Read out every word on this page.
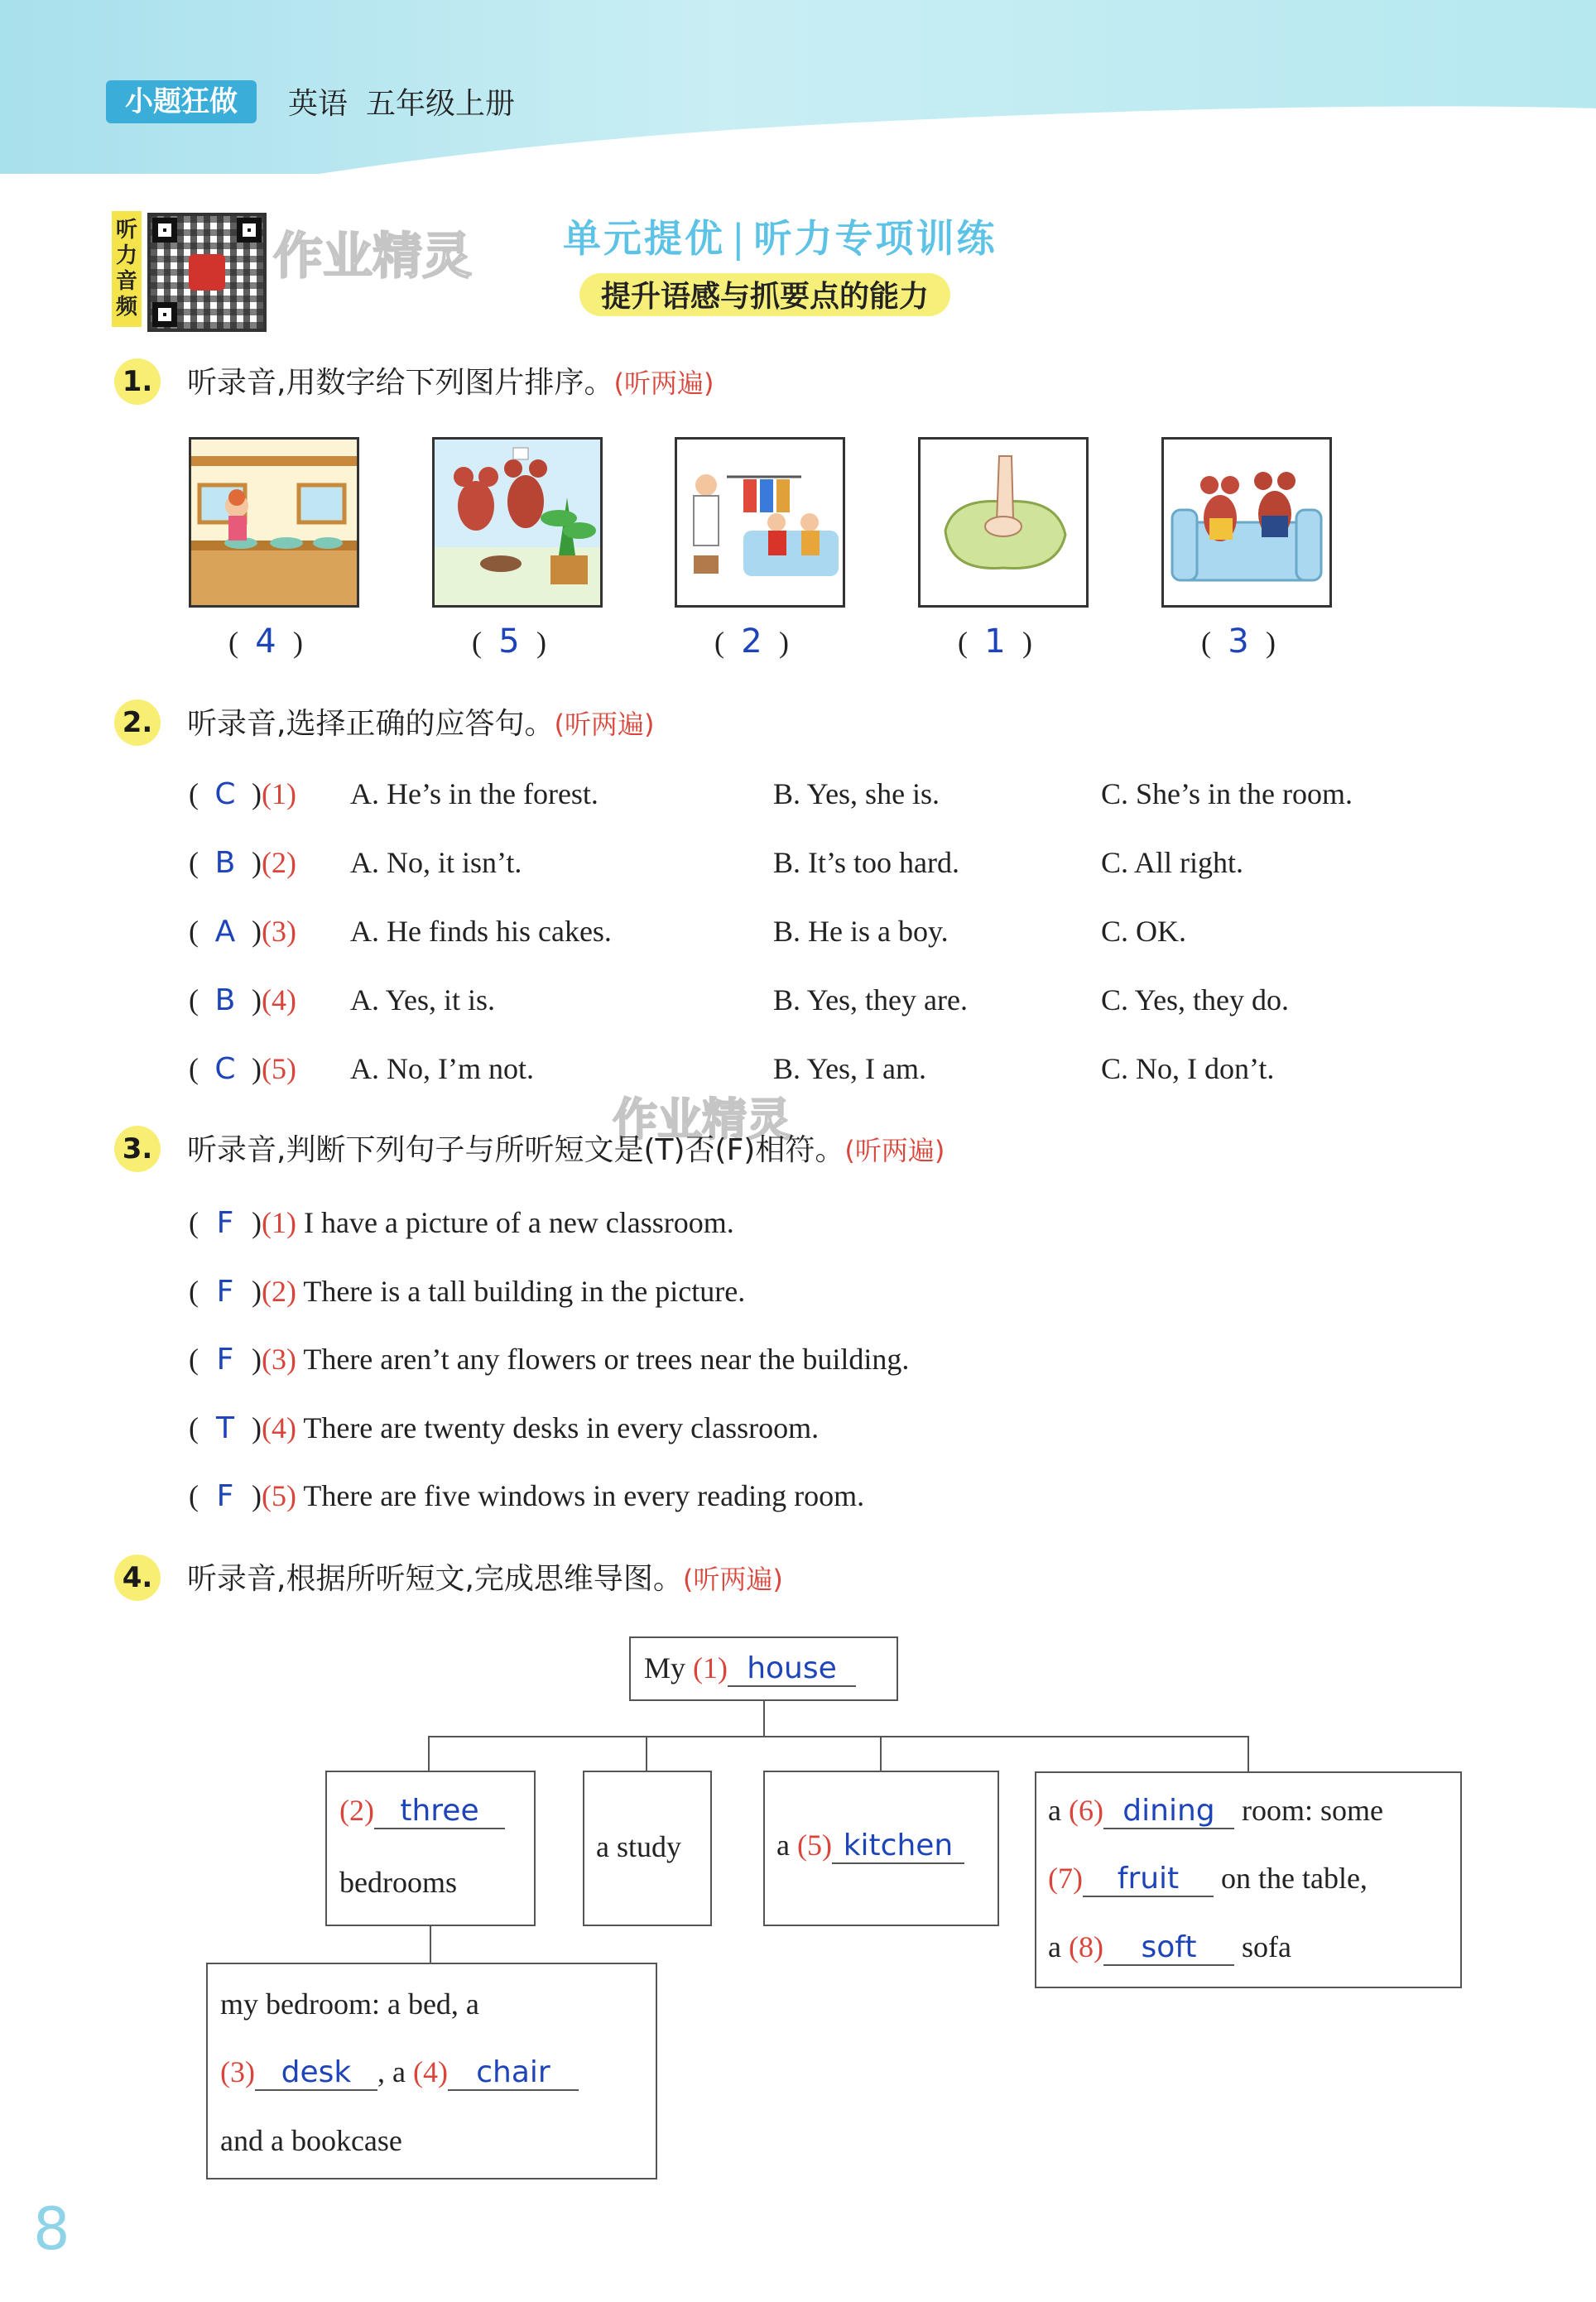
小题狂做	英语 五年级上册
听
力
音
频
作业精灵 单元提优 | 听力专项训练
提升语感与抓要点的能力
1. 听录音,用数字给下列图片排序。(听两遍)
( 4 )	( 5 )	( 2 )	( 1 )	( 3 )
2. 听录音,选择正确的应答句。(听两遍)
( C )(1) A. He’s in the forest.	B. Yes, she is.	C. She’s in the room.
( B )(2) A. No, it isn’t.	B. It’s too hard.	C. All right.
( A )(3) A. He finds his cakes.	B. He is a boy.	C. OK.
( B )(4) A. Yes, it is.	B. Yes, they are.	C. Yes, they do.
( C )(5) A. No, I’m not.	B. Yes, I am.	C. No, I don’t.
作业精灵
3. 听录音,判断下列句子与所听短文是(T)否(F)相符。(听两遍)
( F )(1) I have a picture of a new classroom.
( F )(2) There is a tall building in the picture.
( F )(3) There aren’t any flowers or trees near the building.
( T )(4) There are twenty desks in every classroom.
( F )(5) There are five windows in every reading room.
4. 听录音,根据所听短文,完成思维导图。(听两遍)
My (1) house
(2) three
bedrooms
a study	a (5) kitchen
a (6) dining room: some
(7) fruit on the table,
a (8) soft sofa
my bedroom: a bed, a
(3) desk , a (4) chair
and a bookcase
8
